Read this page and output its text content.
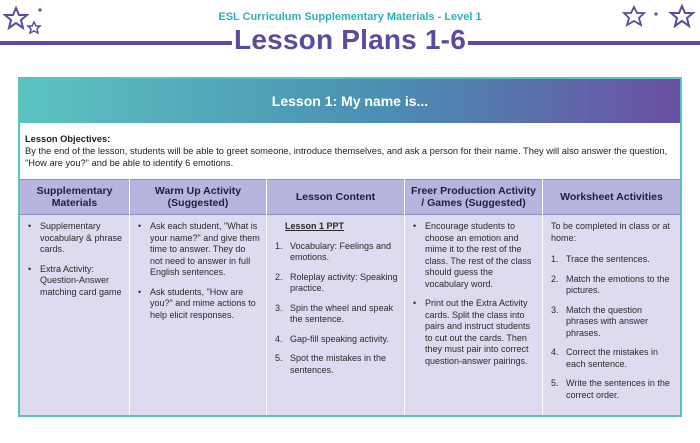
ESL Curriculum Supplementary Materials - Level 1
Lesson Plans 1-6
Lesson 1: My name is...
Lesson Objectives:
By the end of the lesson, students will be able to greet someone, introduce themselves, and ask a person for their name. They will also answer the question, "How are you?" and be able to identify 6 emotions.
Supplementary Materials
• Supplementary vocabulary & phrase cards.
• Extra Activity: Question-Answer matching card game
Warm Up Activity (Suggested)
• Ask each student, "What is your name?" and give them time to answer. They do not need to answer in full English sentences.
• Ask students, "How are you?" and mime actions to help elicit responses.
Lesson Content
Lesson 1 PPT
Vocabulary: Feelings and emotions.
Roleplay activity: Speaking practice.
Spin the wheel and speak the sentence.
Gap-fill speaking activity.
Spot the mistakes in the sentences.
Freer Production Activity / Games (Suggested)
• Encourage students to choose an emotion and mime it to the rest of the class. The rest of the class should guess the vocabulary word.
• Print out the Extra Activity cards. Split the class into pairs and instruct students to cut out the cards. Then they must pair into correct question-answer pairings.
Worksheet Activities
To be completed in class or at home:
Trace the sentences.
Match the emotions to the pictures.
Match the question phrases with answer phrases.
Correct the mistakes in each sentence.
Write the sentences in the correct order.
